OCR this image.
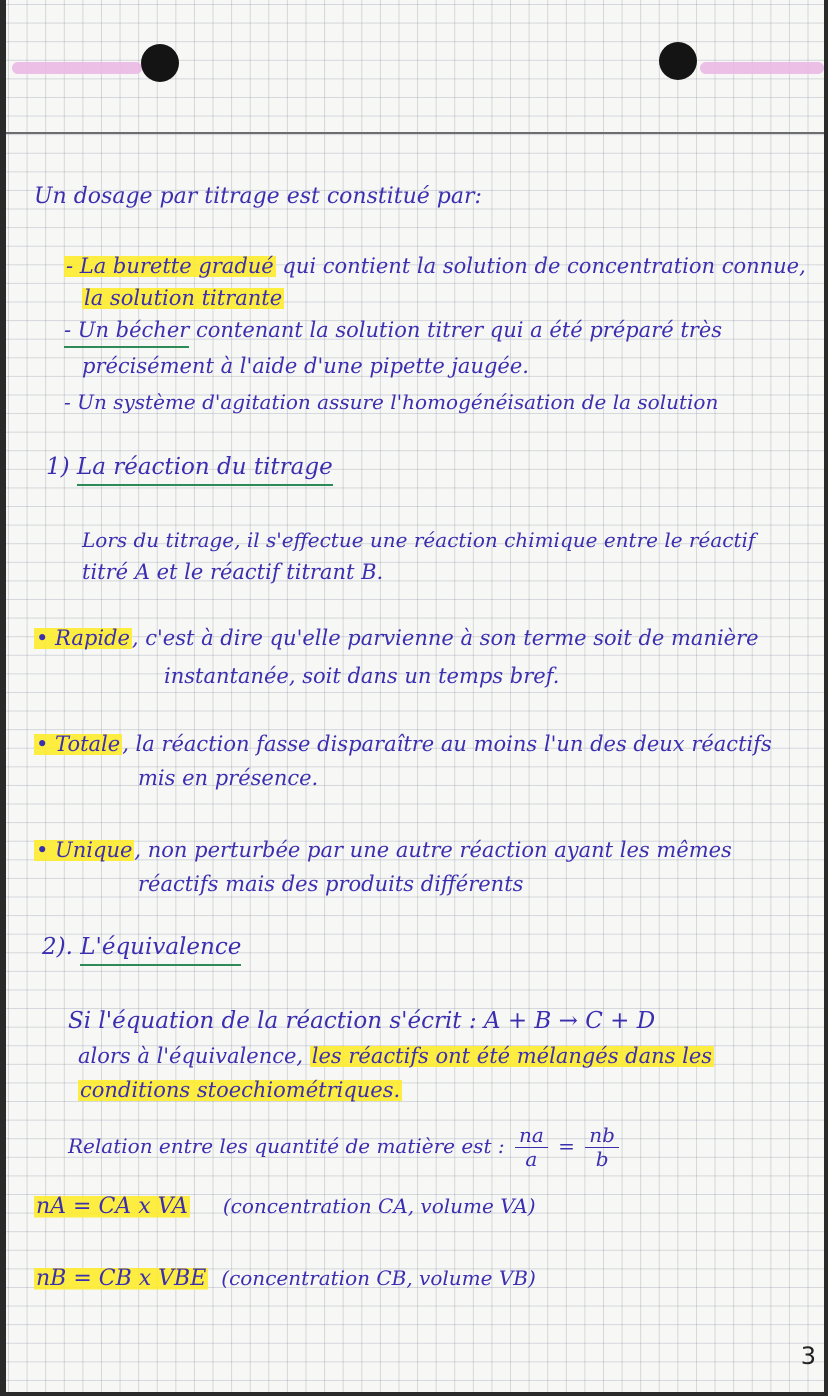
Un dosage par titrage est constitué par:
- La burette gradué qui contient la solution de concentration connue,
la solution titrante
- Un bécher contenant la solution titrer qui a été préparé très
précisément à l'aide d'une pipette jaugée.
- Un système d'agitation assure l'homogénéisation de la solution
1) La réaction du titrage
Lors du titrage, il s'effectue une réaction chimique entre le réactif
titré A et le réactif titrant B.
• Rapide, c'est à dire qu'elle parvienne à son terme soit de manière
instantanée, soit dans un temps bref.
• Totale, la réaction fasse disparaître au moins l'un des deux réactifs
mis en présence.
• Unique, non perturbée par une autre réaction ayant les mêmes
réactifs mais des produits différents
2). L'équivalence
Si l'équation de la réaction s'écrit : A + B → C + D
alors à l'équivalence, les réactifs ont été mélangés dans les
conditions stoechiométriques.
Relation entre les quantité de matière est : $\frac{na}{a} = \frac{nb}{b}$
nA = CA x VA (concentration CA, volume VA)
nB = CB x VBE (concentration CB, volume VB)
3
